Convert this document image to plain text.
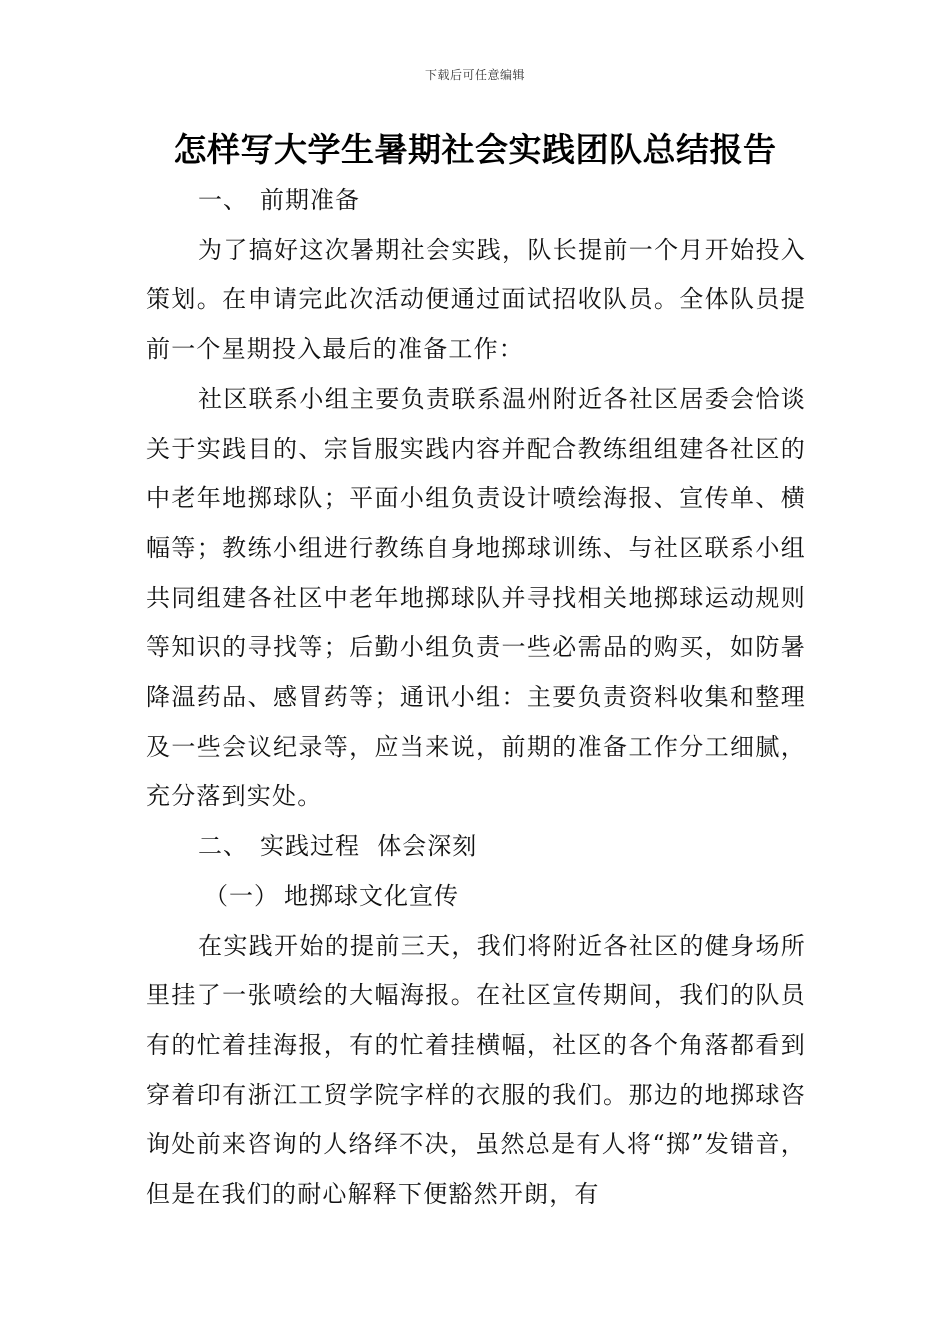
下载后可任意编辑
怎样写大学生暑期社会实践团队总结报告

一、 前期准备

为了搞好这次暑期社会实践，队长提前一个月开始投入策划。在申请完此次活动便通过面试招收队员。全体队员提前一个星期投入最后的准备工作：

社区联系小组主要负责联系温州附近各社区居委会恰谈关于实践目的、宗旨服实践内容并配合教练组组建各社区的中老年地掷球队；平面小组负责设计喷绘海报、宣传单、横幅等；教练小组进行教练自身地掷球训练、与社区联系小组共同组建各社区中老年地掷球队并寻找相关地掷球运动规则等知识的寻找等；后勤小组负责一些必需品的购买，如防暑降温药品、感冒药等；通讯小组：主要负责资料收集和整理及一些会议纪录等，应当来说，前期的准备工作分工细腻，充分落到实处。

二、 实践过程  体会深刻

（一） 地掷球文化宣传

在实践开始的提前三天，我们将附近各社区的健身场所里挂了一张喷绘的大幅海报。在社区宣传期间，我们的队员有的忙着挂海报，有的忙着挂横幅，社区的各个角落都看到穿着印有浙江工贸学院字样的衣服的我们。那边的地掷球咨询处前来咨询的人络绎不决，虽然总是有人将“掷”发错音，但是在我们的耐心解释下便豁然开朗，有
